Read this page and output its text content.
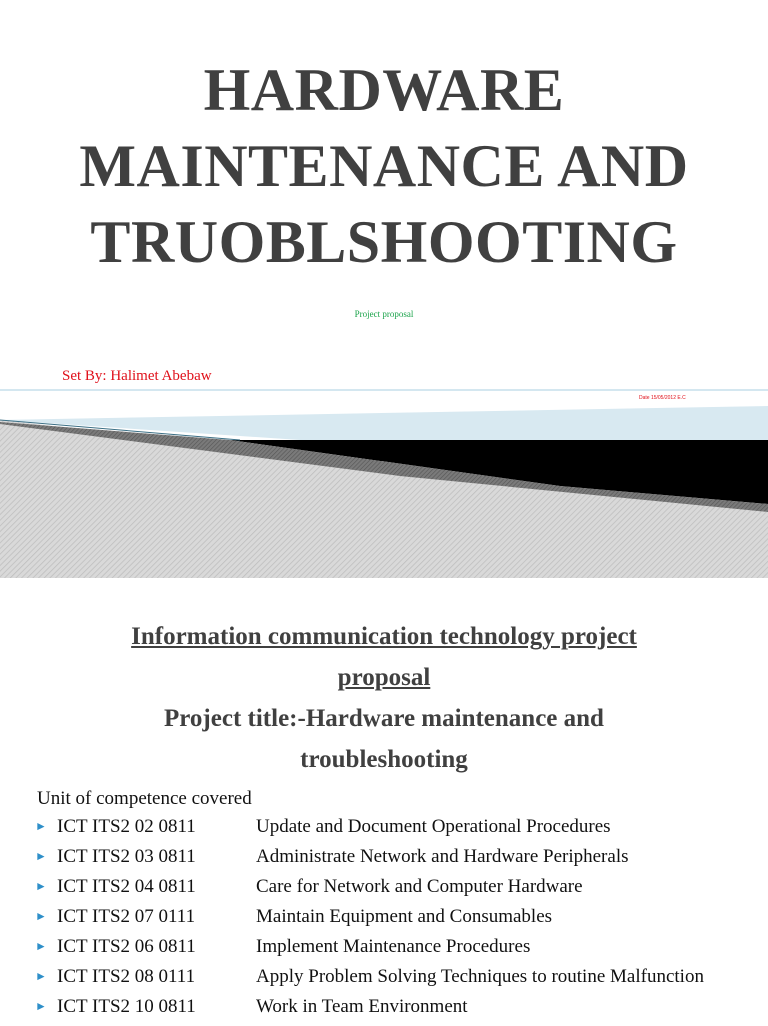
HARDWARE
MAINTENANCE AND
TRUOBLSHOOTING
Project proposal
Set By: Halimet Abebaw
Date 15/05/2012 E.C
Information communication technology project
proposal
Project title:-Hardware maintenance and
troubleshooting
Unit of competence covered
► ICT ITS2 02 0811	Update and Document Operational Procedures
► ICT ITS2 03 0811	Administrate Network and Hardware Peripherals
► ICT ITS2 04 0811	Care for Network and Computer Hardware
► ICT ITS2 07 0111	Maintain Equipment and Consumables
► ICT ITS2 06 0811	Implement Maintenance Procedures
► ICT ITS2 08 0111	Apply Problem Solving Techniques to routine Malfunction
► ICT ITS2 10 0811	Work in Team Environment
